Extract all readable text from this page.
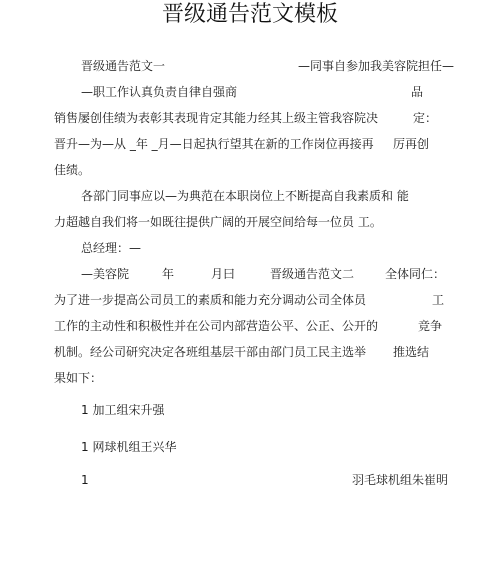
晋级通告范文模板
晋级通告范文一	—同事自参加我美容院担任—
—职工作认真负责自律自强商	品
销售屡创佳绩为表彰其表现肯定其能力经其上级主管我容院决	定：
晋升—为—从 _年 _月—日起执行望其在新的工作岗位再接再 厉再创
佳绩。
各部门同事应以—为典范在本职岗位上不断提高自我素质和 能
力超越自我们将一如既往提供广阔的开展空间给每一位员 工。
总经理：—
—美容院	年	月曰	晋级通告范文二	全体同仁：
为了进一步提高公司员工的素质和能力充分调动公司全体员	工
工作的主动性和积极性并在公司内部营造公平、公正、公开的	竞争
机制。经公司研究决定各班组基层干部由部门员工民主选举 推选结
果如下：
1 加工组宋升强
1 网球机组王兴华
1	羽毛球机组朱崔明
